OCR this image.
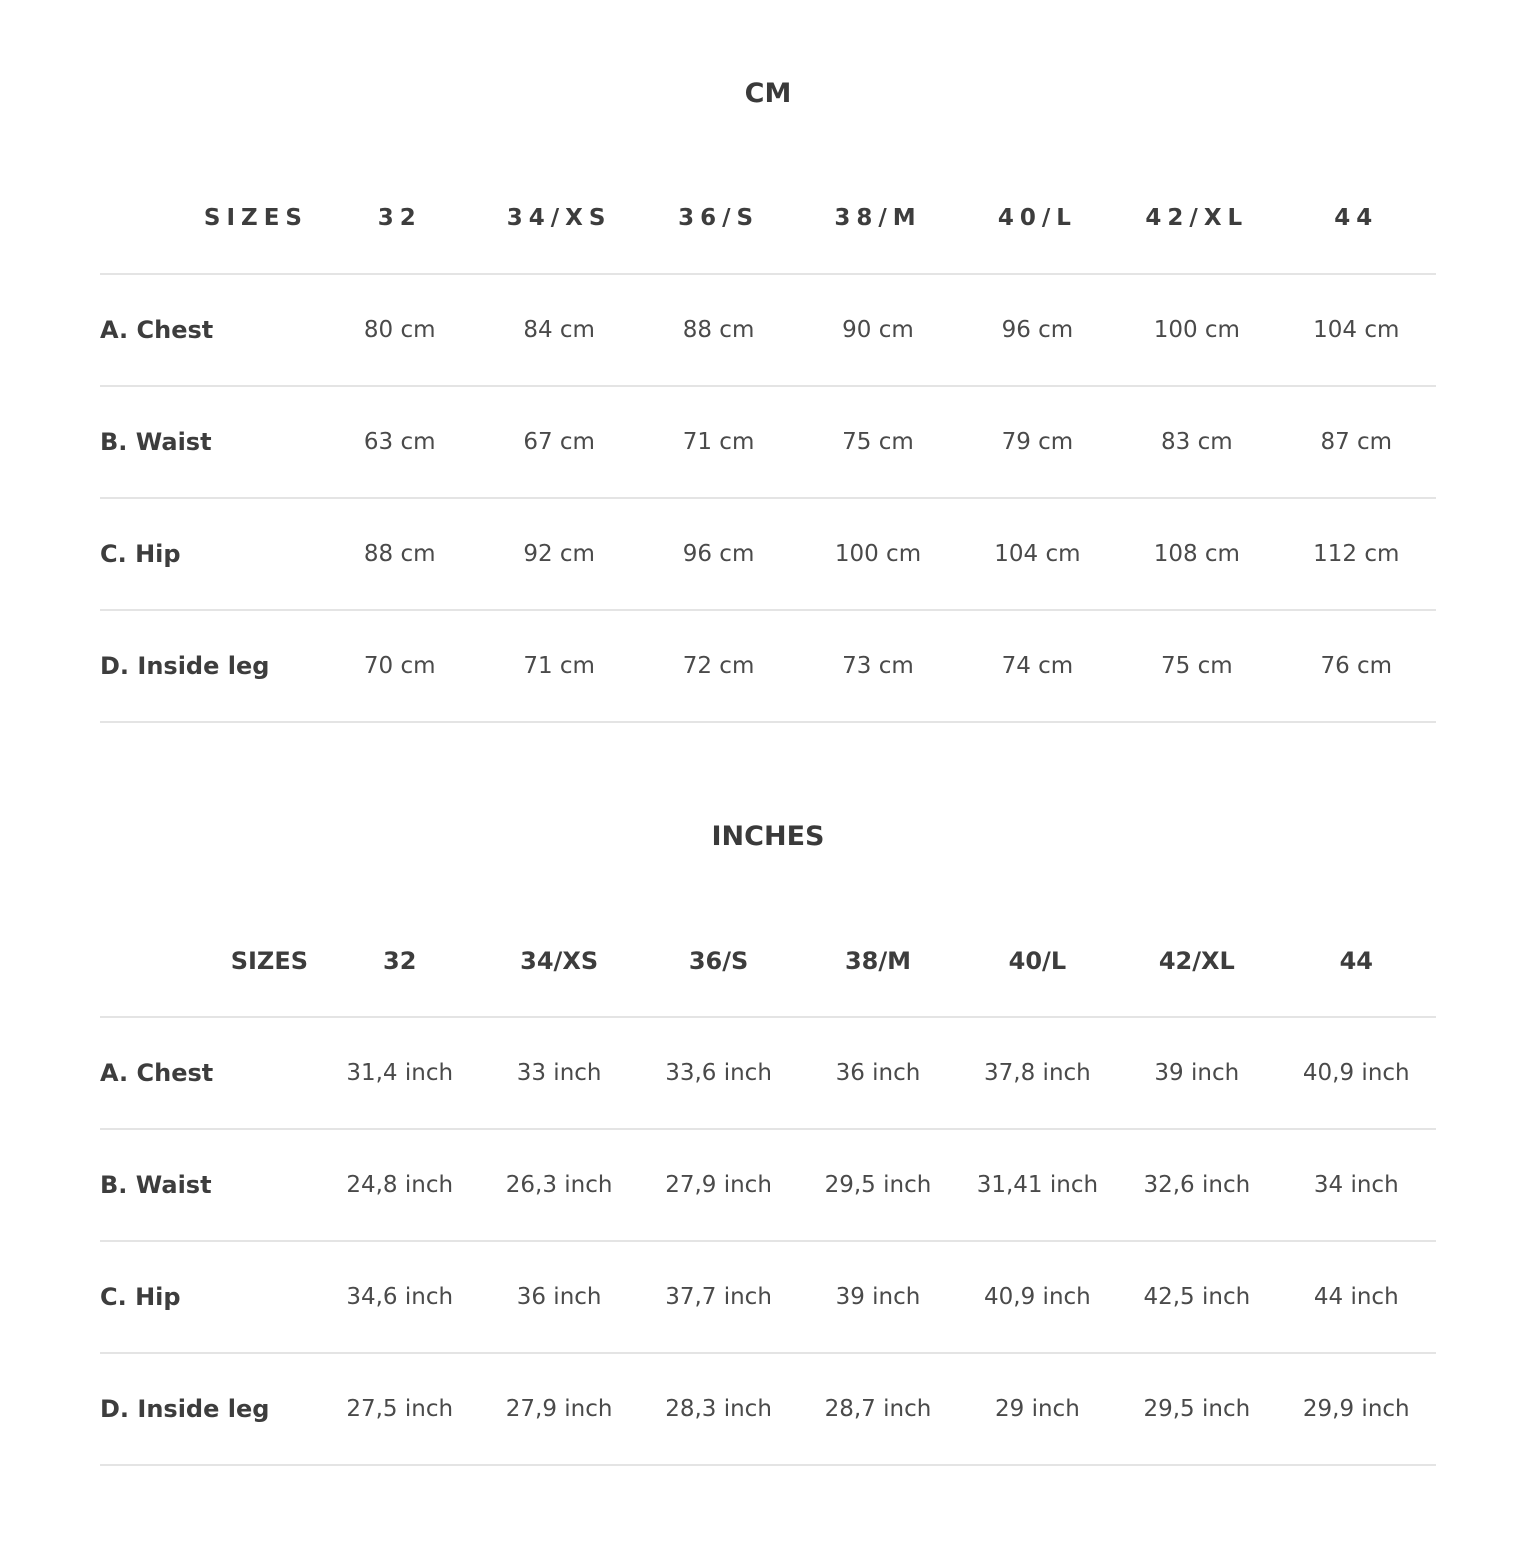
CM
SIZES	32	34/XS	36/S	38/M	40/L	42/XL	44
A. Chest	80 cm	84 cm	88 cm	90 cm	96 cm	100 cm	104 cm
B. Waist	63 cm	67 cm	71 cm	75 cm	79 cm	83 cm	87 cm
C. Hip	88 cm	92 cm	96 cm	100 cm	104 cm	108 cm	112 cm
D. Inside leg	70 cm	71 cm	72 cm	73 cm	74 cm	75 cm	76 cm
INCHES
SIZES	32	34/XS	36/S	38/M	40/L	42/XL	44
A. Chest	31,4 inch	33 inch	33,6 inch	36 inch	37,8 inch	39 inch	40,9 inch
B. Waist	24,8 inch	26,3 inch	27,9 inch	29,5 inch	31,41 inch	32,6 inch	34 inch
C. Hip	34,6 inch	36 inch	37,7 inch	39 inch	40,9 inch	42,5 inch	44 inch
D. Inside leg	27,5 inch	27,9 inch	28,3 inch	28,7 inch	29 inch	29,5 inch	29,9 inch
